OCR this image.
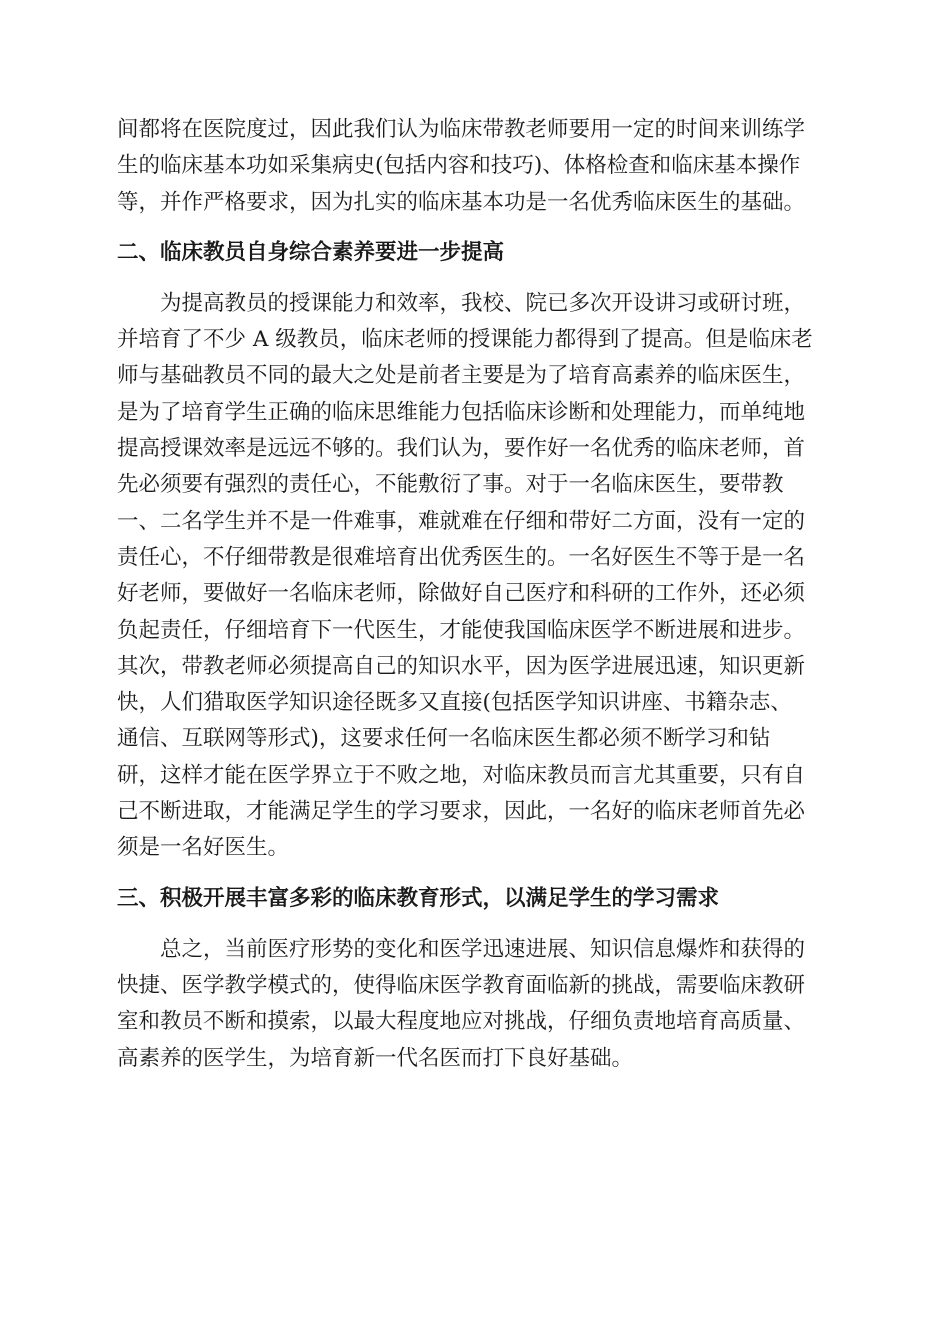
间都将在医院度过，因此我们认为临床带教老师要用一定的时间来训练学
生的临床基本功如采集病史(包括内容和技巧)、体格检查和临床基本操作
等，并作严格要求，因为扎实的临床基本功是一名优秀临床医生的基础。
二、临床教员自身综合素养要进一步提高
为提高教员的授课能力和效率，我校、院已多次开设讲习或研讨班，
并培育了不少 A 级教员，临床老师的授课能力都得到了提高。但是临床老
师与基础教员不同的最大之处是前者主要是为了培育高素养的临床医生，
是为了培育学生正确的临床思维能力包括临床诊断和处理能力，而单纯地
提高授课效率是远远不够的。我们认为，要作好一名优秀的临床老师，首
先必须要有强烈的责任心，不能敷衍了事。对于一名临床医生，要带教
一、二名学生并不是一件难事，难就难在仔细和带好二方面，没有一定的
责任心，不仔细带教是很难培育出优秀医生的。一名好医生不等于是一名
好老师，要做好一名临床老师，除做好自己医疗和科研的工作外，还必须
负起责任，仔细培育下一代医生，才能使我国临床医学不断进展和进步。
其次，带教老师必须提高自己的知识水平，因为医学进展迅速，知识更新
快，人们猎取医学知识途径既多又直接(包括医学知识讲座、书籍杂志、
通信、互联网等形式)，这要求任何一名临床医生都必须不断学习和钻
研，这样才能在医学界立于不败之地，对临床教员而言尤其重要，只有自
己不断进取，才能满足学生的学习要求，因此，一名好的临床老师首先必
须是一名好医生。
三、积极开展丰富多彩的临床教育形式，以满足学生的学习需求
总之，当前医疗形势的变化和医学迅速进展、知识信息爆炸和获得的
快捷、医学教学模式的，使得临床医学教育面临新的挑战，需要临床教研
室和教员不断和摸索，以最大程度地应对挑战，仔细负责地培育高质量、
高素养的医学生，为培育新一代名医而打下良好基础。
